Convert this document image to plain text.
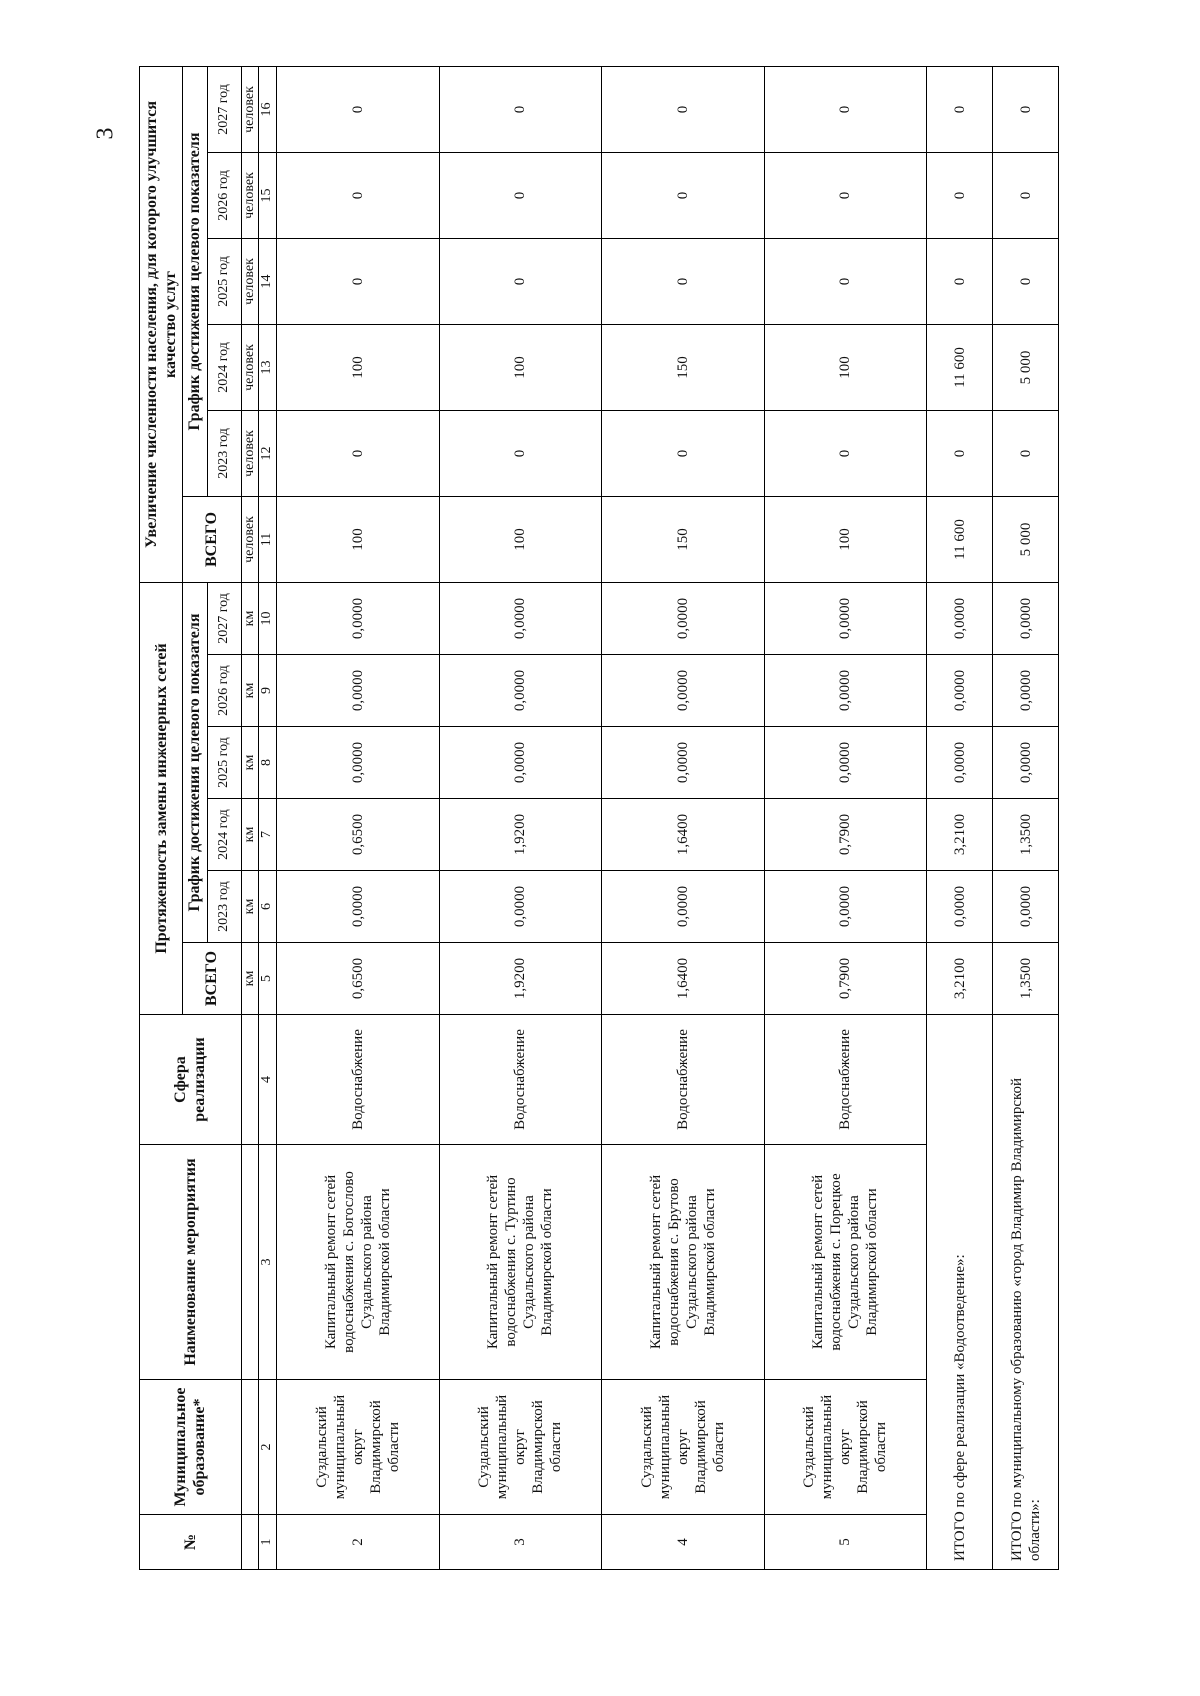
3
№	Муниципальное образование*	Наименование мероприятия	Сфера реализации	Протяженность замены инженерных сетей						Увеличение численности населения, для которого улучшится качество услуг					
				ВСЕГО	График достижения целевого показателя					ВСЕГО	График достижения целевого показателя				
					2023 год	2024 год	2025 год	2026 год	2027 год		2023 год	2024 год	2025 год	2026 год	2027 год
				км	км	км	км	км	км	человек	человек	человек	человек	человек	человек
1	2	3	4	5	6	7	8	9	10	11	12	13	14	15	16
2	Суздальский муниципальный округ Владимирской области	Капитальный ремонт сетей водоснабжения с. Богослово Суздальского района Владимирской области	Водоснабжение	0,6500	0,0000	0,6500	0,0000	0,0000	0,0000	100	0	100	0	0	0
3	Суздальский муниципальный округ Владимирской области	Капитальный ремонт сетей водоснабжения с. Туртино Суздальского района Владимирской области	Водоснабжение	1,9200	0,0000	1,9200	0,0000	0,0000	0,0000	100	0	100	0	0	0
4	Суздальский муниципальный округ Владимирской области	Капитальный ремонт сетей водоснабжения с. Брутово Суздальского района Владимирской области	Водоснабжение	1,6400	0,0000	1,6400	0,0000	0,0000	0,0000	150	0	150	0	0	0
5	Суздальский муниципальный округ Владимирской области	Капитальный ремонт сетей водоснабжения с. Порецкое Суздальского района Владимирской области	Водоснабжение	0,7900	0,0000	0,7900	0,0000	0,0000	0,0000	100	0	100	0	0	0
ИТОГО по сфере реализации «Водоотведение»:				3,2100	0,0000	3,2100	0,0000	0,0000	0,0000	11 600	0	11 600	0	0	0
ИТОГО по муниципальному образованию «город Владимир Владимирской области»:				1,3500	0,0000	1,3500	0,0000	0,0000	0,0000	5 000	0	5 000	0	0	0
